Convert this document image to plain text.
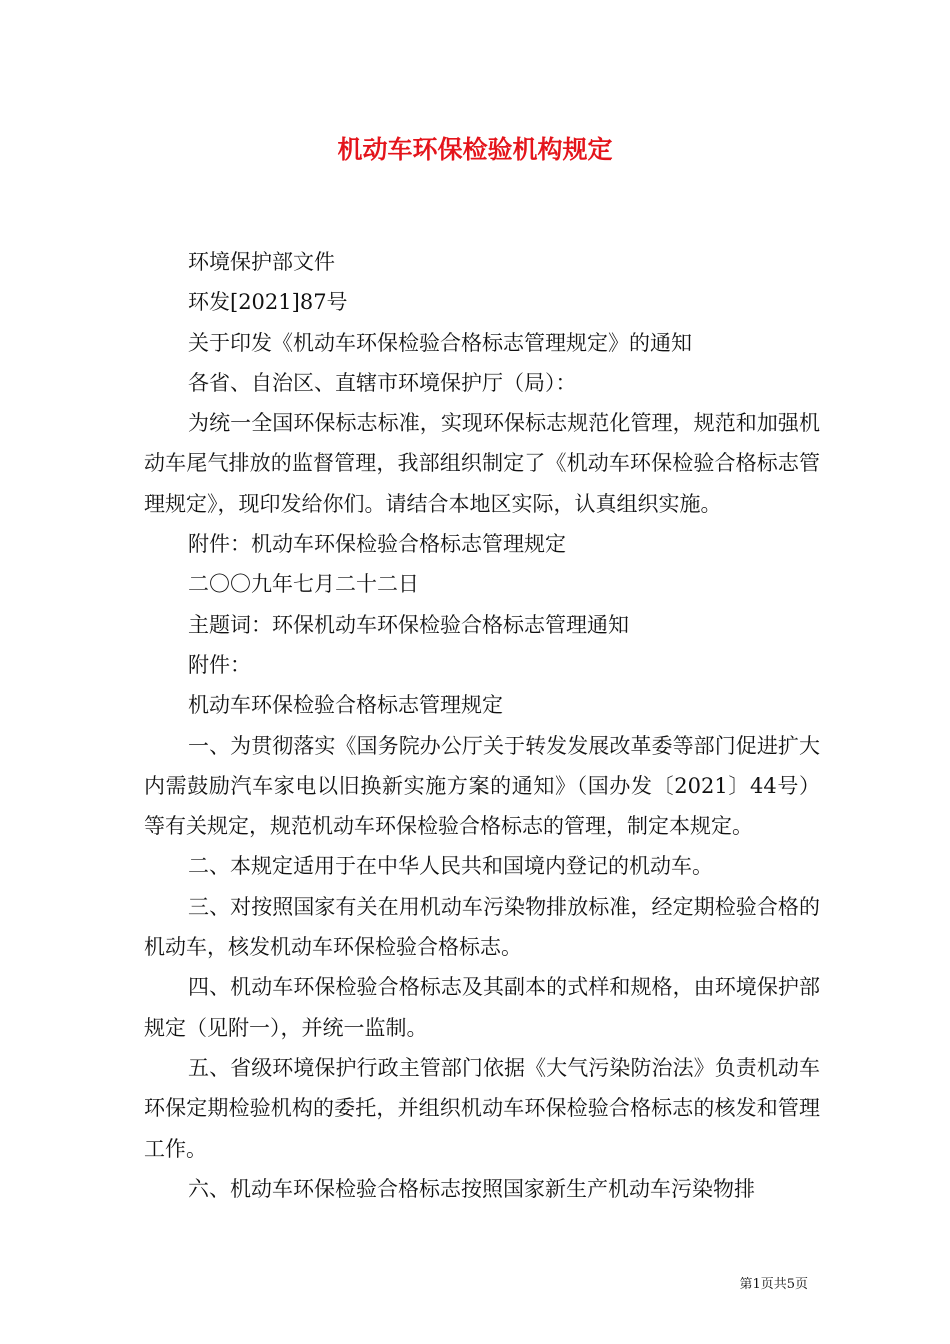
机动车环保检验机构规定

环境保护部文件

环发[2021]87号

关于印发《机动车环保检验合格标志管理规定》的通知

各省、自治区、直辖市环境保护厅（局）：

为统一全国环保标志标准，实现环保标志规范化管理，规范和加强机动车尾气排放的监督管理，我部组织制定了《机动车环保检验合格标志管理规定》，现印发给你们。请结合本地区实际，认真组织实施。

附件：机动车环保检验合格标志管理规定

二〇〇九年七月二十二日

主题词：环保机动车环保检验合格标志管理通知

附件：

机动车环保检验合格标志管理规定

一、为贯彻落实《国务院办公厅关于转发发展改革委等部门促进扩大内需鼓励汽车家电以旧换新实施方案的通知》（国办发〔2021〕44号）等有关规定，规范机动车环保检验合格标志的管理，制定本规定。

二、本规定适用于在中华人民共和国境内登记的机动车。

三、对按照国家有关在用机动车污染物排放标准，经定期检验合格的机动车，核发机动车环保检验合格标志。

四、机动车环保检验合格标志及其副本的式样和规格，由环境保护部规定（见附一），并统一监制。

五、省级环境保护行政主管部门依据《大气污染防治法》负责机动车环保定期检验机构的委托，并组织机动车环保检验合格标志的核发和管理工作。

六、机动车环保检验合格标志按照国家新生产机动车污染物排

第1页共5页
